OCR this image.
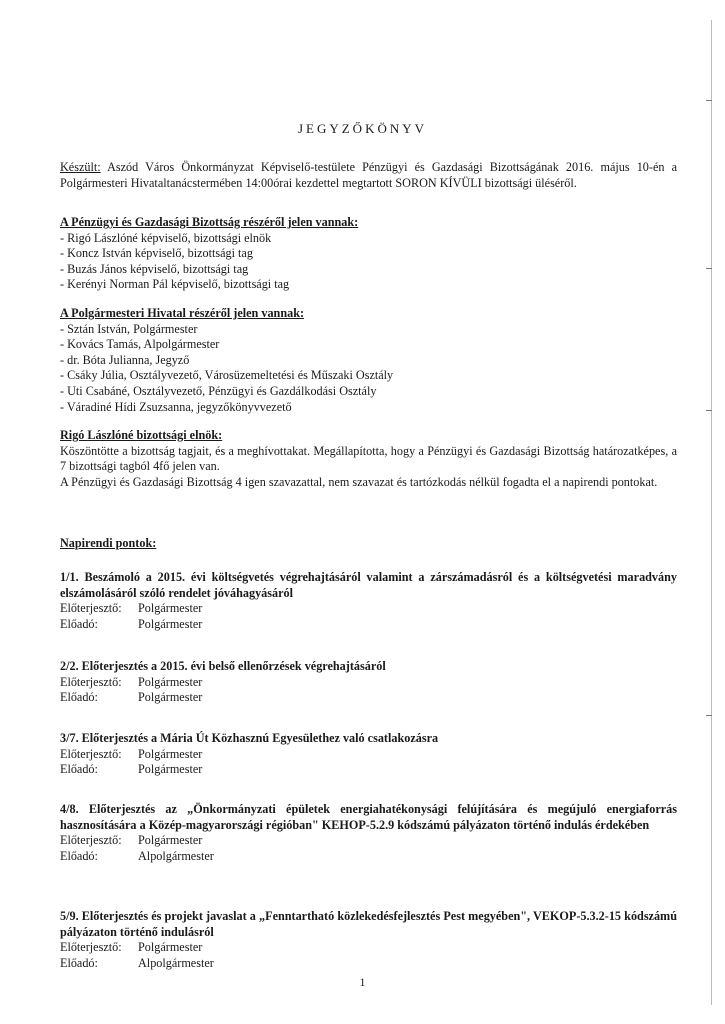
JEGYZŐKÖNYV
Készült: Aszód Város Önkormányzat Képviselő-testülete Pénzügyi és Gazdasági Bizottságának 2016. május 10-én a Polgármesteri Hivataltanácstermében 14:00órai kezdettel megtartott SORON KÍVÜLI bizottsági üléséről.
A Pénzügyi és Gazdasági Bizottság részéről jelen vannak:
- Rigó Lászlóné képviselő, bizottsági elnök
- Koncz István képviselő, bizottsági tag
- Buzás János képviselő, bizottsági tag
- Kerényi Norman Pál képviselő, bizottsági tag
A Polgármesteri Hivatal részéről jelen vannak:
- Sztán István, Polgármester
- Kovács Tamás, Alpolgármester
- dr. Bóta Julianna, Jegyző
- Csáky Júlia, Osztályvezető, Városüzemeltetési és Műszaki Osztály
- Uti Csabáné, Osztályvezető, Pénzügyi és Gazdálkodási Osztály
- Váradiné Hídi Zsuzsanna, jegyzőkönyvvezető
Rigó Lászlóné bizottsági elnök:
Köszöntötte a bizottság tagjait, és a meghívottakat. Megállapította, hogy a Pénzügyi és Gazdasági Bizottság határozatképes, a 7 bizottsági tagból 4fő jelen van.
A Pénzügyi és Gazdasági Bizottság 4 igen szavazattal, nem szavazat és tartózkodás nélkül fogadta el a napirendi pontokat.
Napirendi pontok:
1/1. Beszámoló a 2015. évi költségvetés végrehajtásáról valamint a zárszámadásról és a költségvetési maradvány elszámolásáról szóló rendelet jóváhagyásáról
Előterjesztő:	Polgármester
Előadó:	Polgármester
2/2. Előterjesztés a 2015. évi belső ellenőrzések végrehajtásáról
Előterjesztő:	Polgármester
Előadó:	Polgármester
3/7. Előterjesztés a Mária Út Közhasznú Egyesülethez való csatlakozásra
Előterjesztő:	Polgármester
Előadó:	Polgármester
4/8. Előterjesztés az „Önkormányzati épületek energiahatékonysági felújítására és megújuló energiaforrás hasznosítására a Közép-magyarországi régióban" KEHOP-5.2.9 kódszámú pályázaton történő indulás érdekében
Előterjesztő:	Polgármester
Előadó:	Alpolgármester
5/9. Előterjesztés és projekt javaslat a „Fenntartható közlekedésfejlesztés Pest megyében", VEKOP-5.3.2-15 kódszámú pályázaton történő indulásról
Előterjesztő:	Polgármester
Előadó:	Alpolgármester
1
